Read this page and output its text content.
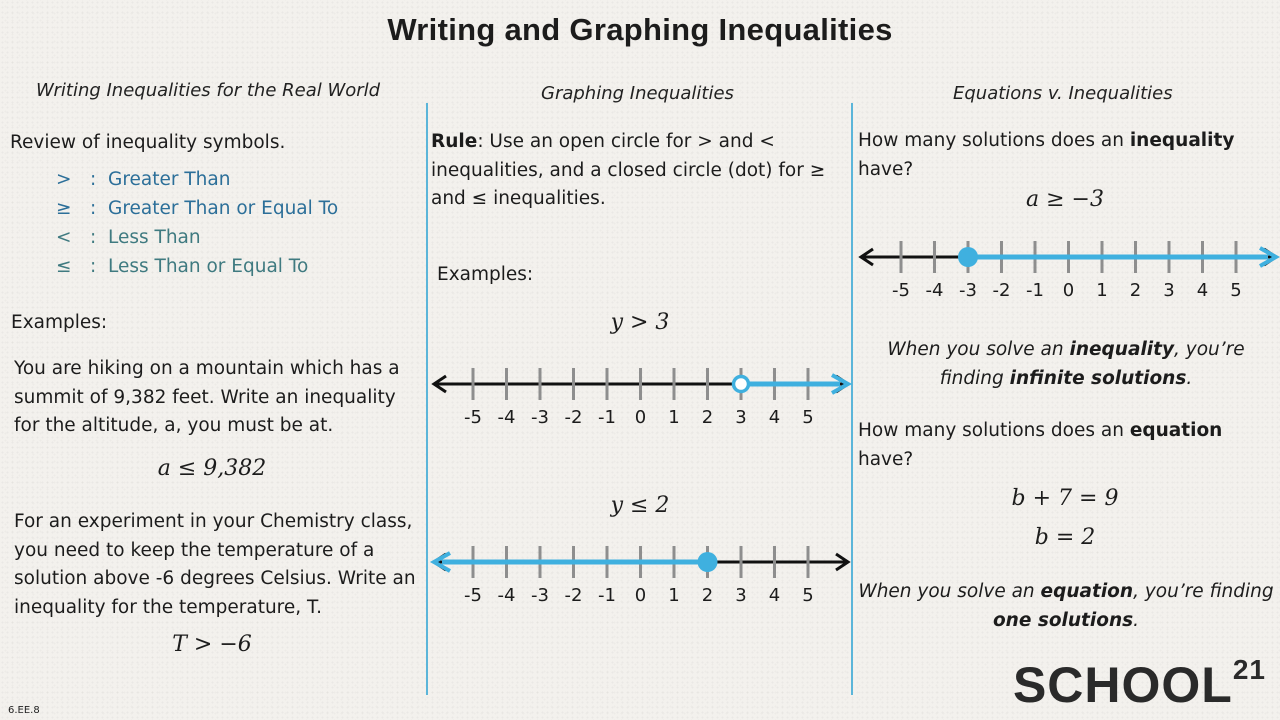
Writing and Graphing Inequalities
Writing Inequalities for the Real World
Review of inequality symbols.
> : Greater Than
≥ : Greater Than or Equal To
< : Less Than
≤ : Less Than or Equal To
Examples:
You are hiking on a mountain which has a summit of 9,382 feet. Write an inequality for the altitude, a, you must be at.
a ≤ 9,382
For an experiment in your Chemistry class, you need to keep the temperature of a solution above -6 degrees Celsius. Write an inequality for the temperature, T.
T > −6
Graphing Inequalities
Rule: Use an open circle for > and < inequalities, and a closed circle (dot) for ≥ and ≤ inequalities.
Examples:
y > 3
-5 -4 -3 -2 -1 0 1 2 3 4 5
y ≤ 2
-5 -4 -3 -2 -1 0 1 2 3 4 5
Equations v. Inequalities
How many solutions does an inequality have?
a ≥ −3
-5 -4 -3 -2 -1 0 1 2 3 4 5
When you solve an inequality, you’re finding infinite solutions.
How many solutions does an equation have?
b + 7 = 9
b = 2
When you solve an equation, you’re finding one solutions.
SCHOOL$^{21}$
6.EE.8
